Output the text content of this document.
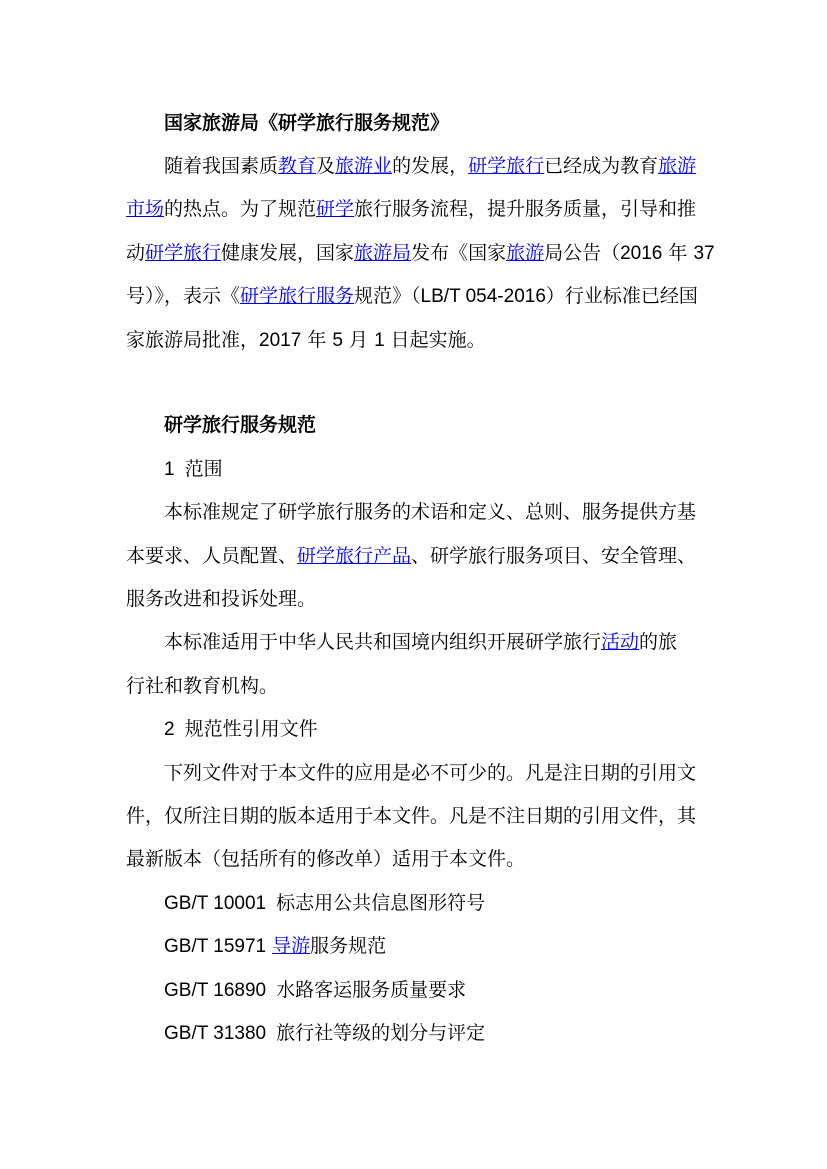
国家旅游局《研学旅行服务规范》
随着我国素质教育及旅游业的发展，研学旅行已经成为教育旅游
市场的热点。为了规范研学旅行服务流程，提升服务质量，引导和推
动研学旅行健康发展，国家旅游局发布《国家旅游局公告（2016 年 37
号）》，表示《研学旅行服务规范》（LB/T 054-2016）行业标准已经国
家旅游局批准，2017 年 5 月 1 日起实施。
研学旅行服务规范
1 范围
本标准规定了研学旅行服务的术语和定义、总则、服务提供方基
本要求、人员配置、研学旅行产品、研学旅行服务项目、安全管理、
服务改进和投诉处理。
本标准适用于中华人民共和国境内组织开展研学旅行活动的旅
行社和教育机构。
2 规范性引用文件
下列文件对于本文件的应用是必不可少的。凡是注日期的引用文
件，仅所注日期的版本适用于本文件。凡是不注日期的引用文件，其
最新版本（包括所有的修改单）适用于本文件。
GB/T 10001 标志用公共信息图形符号
GB/T 15971 导游服务规范
GB/T 16890 水路客运服务质量要求
GB/T 31380 旅行社等级的划分与评定
